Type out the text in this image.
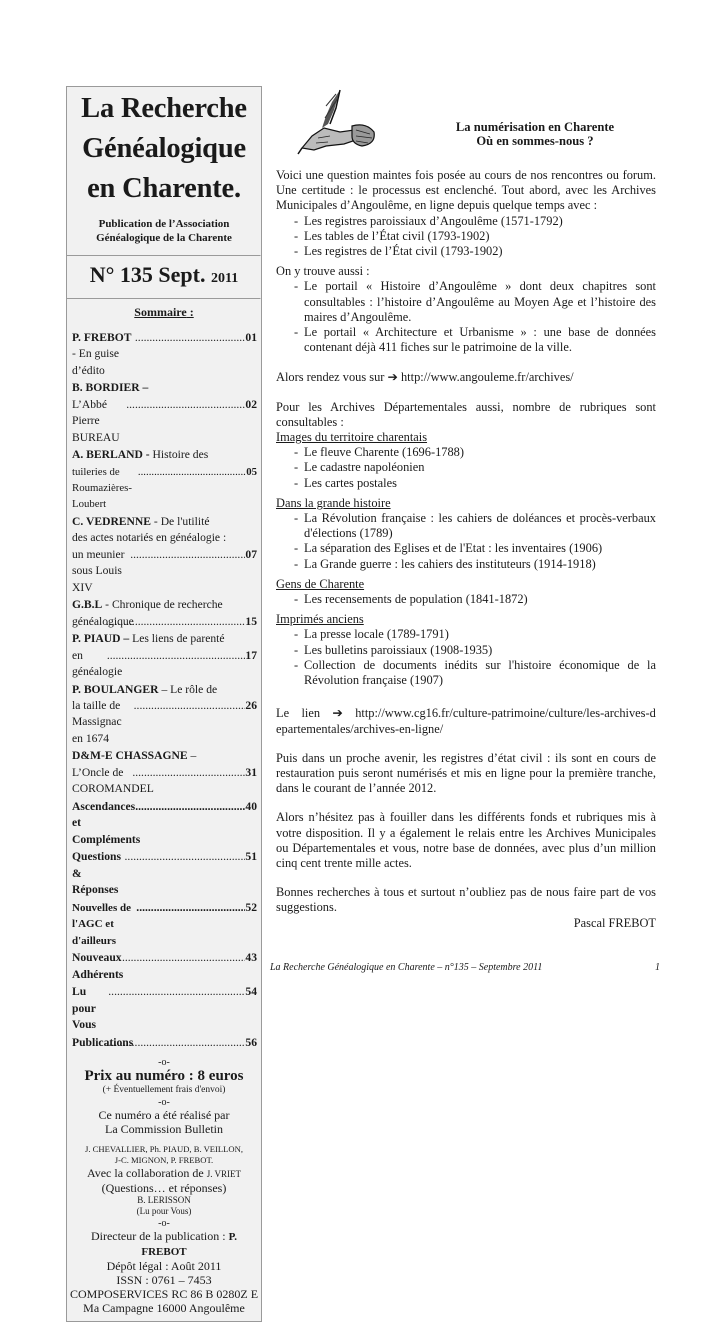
La Recherche
Généalogique
en Charente.
Publication de l’Association
Généalogique de la Charente
N° 135 Sept. 2011
Sommaire :
P. FREBOT - En guise d’édito
.....
01
B. BORDIER –
L’Abbé Pierre BUREAU
.....
02
A. BERLAND - Histoire des
tuileries de Roumazières-Loubert
.....
05
C. VEDRENNE - De l'utilité
des actes notariés en généalogie :
un meunier sous Louis XIV
.....
07
G.B.L - Chronique de recherche
généalogique .....	15
P. PIAUD – Les liens de parenté
en généalogie
.....
17
P. BOULANGER – Le rôle de
la taille de Massignac en 1674
.....
26
D&M-E CHASSAGNE –
L’Oncle de COROMANDEL
.....
31
Ascendances et Compléments
.....
40
Questions & Réponses
.....
51
Nouvelles de l'AGC et d'ailleurs
.....
52
Nouveaux Adhérents
.....
43
Lu pour Vous
.....
54
Publications .....	56
-o-
Prix au numéro : 8 euros
(+ Éventuellement frais d'envoi)
-o-
Ce numéro a été réalisé par
La Commission Bulletin
J. CHEVALLIER, Ph. PIAUD, B. VEILLON,
J-C. MIGNON, P. FREBOT.
Avec la collaboration de J. VRIET
(Questions… et réponses)
B. LERISSON
(Lu pour Vous)
-o-
Directeur de la publication : P. FREBOT
Dépôt légal : Août 2011
ISSN : 0761 – 7453
COMPOSERVICES RC 86 B 0280Z E
Ma Campagne 16000 Angoulême
La numérisation en Charente
Où en sommes-nous ?

Voici une question maintes fois posée au cours de nos rencontres ou forum. Une certitude : le processus est enclenché. Tout abord, avec les Archives Municipales d’Angoulême, en ligne depuis quelque temps avec :

- Les registres paroissiaux d’Angoulême (1571-1792)
- Les tables de l’État civil (1793-1902)
- Les registres de l’État civil (1793-1902)

On y trouve aussi :

- Le portail « Histoire d’Angoulême » dont deux chapitres sont consultables : l’histoire d’Angoulême au Moyen Age et l’histoire des maires d’Angoulême.
- Le portail « Architecture et Urbanisme » : une base de données contenant déjà 411 fiches sur le patrimoine de la ville.

Alors rendez vous sur ➔ http://www.angouleme.fr/archives/

Pour les Archives Départementales aussi, nombre de rubriques sont consultables :

Images du territoire charentais
- Le fleuve Charente (1696-1788)
- Le cadastre napoléonien
- Les cartes postales
Dans la grande histoire
- La Révolution française : les cahiers de doléances et procès-verbaux d'élections (1789)
- La séparation des Eglises et de l'Etat : les inventaires (1906)
- La Grande guerre : les cahiers des instituteurs (1914-1918)
Gens de Charente
- Les recensements de population (1841-1872)
Imprimés anciens
- La presse locale (1789-1791)
- Les bulletins paroissiaux (1908-1935)
- Collection de documents inédits sur l'histoire économique de la Révolution française (1907)

Le    lien    ➔    http://www.cg16.fr/culture-patrimoine/culture/les-archives-departementales/archives-en-ligne/

Puis dans un proche avenir, les registres d’état civil : ils sont en cours de restauration puis seront numérisés et mis en ligne pour la première tranche, dans le courant de l’année 2012.

Alors n’hésitez pas à fouiller dans les différents fonds et rubriques mis à votre disposition. Il y a également le relais entre les Archives Municipales ou Départementales et vous, notre base de données, avec plus d’un million cinq cent trente mille actes.

Bonnes recherches à tous et surtout n’oubliez pas de nous faire part de vos suggestions.

Pascal FREBOT
La Recherche Généalogique en Charente – n°135 – Septembre 2011	1
